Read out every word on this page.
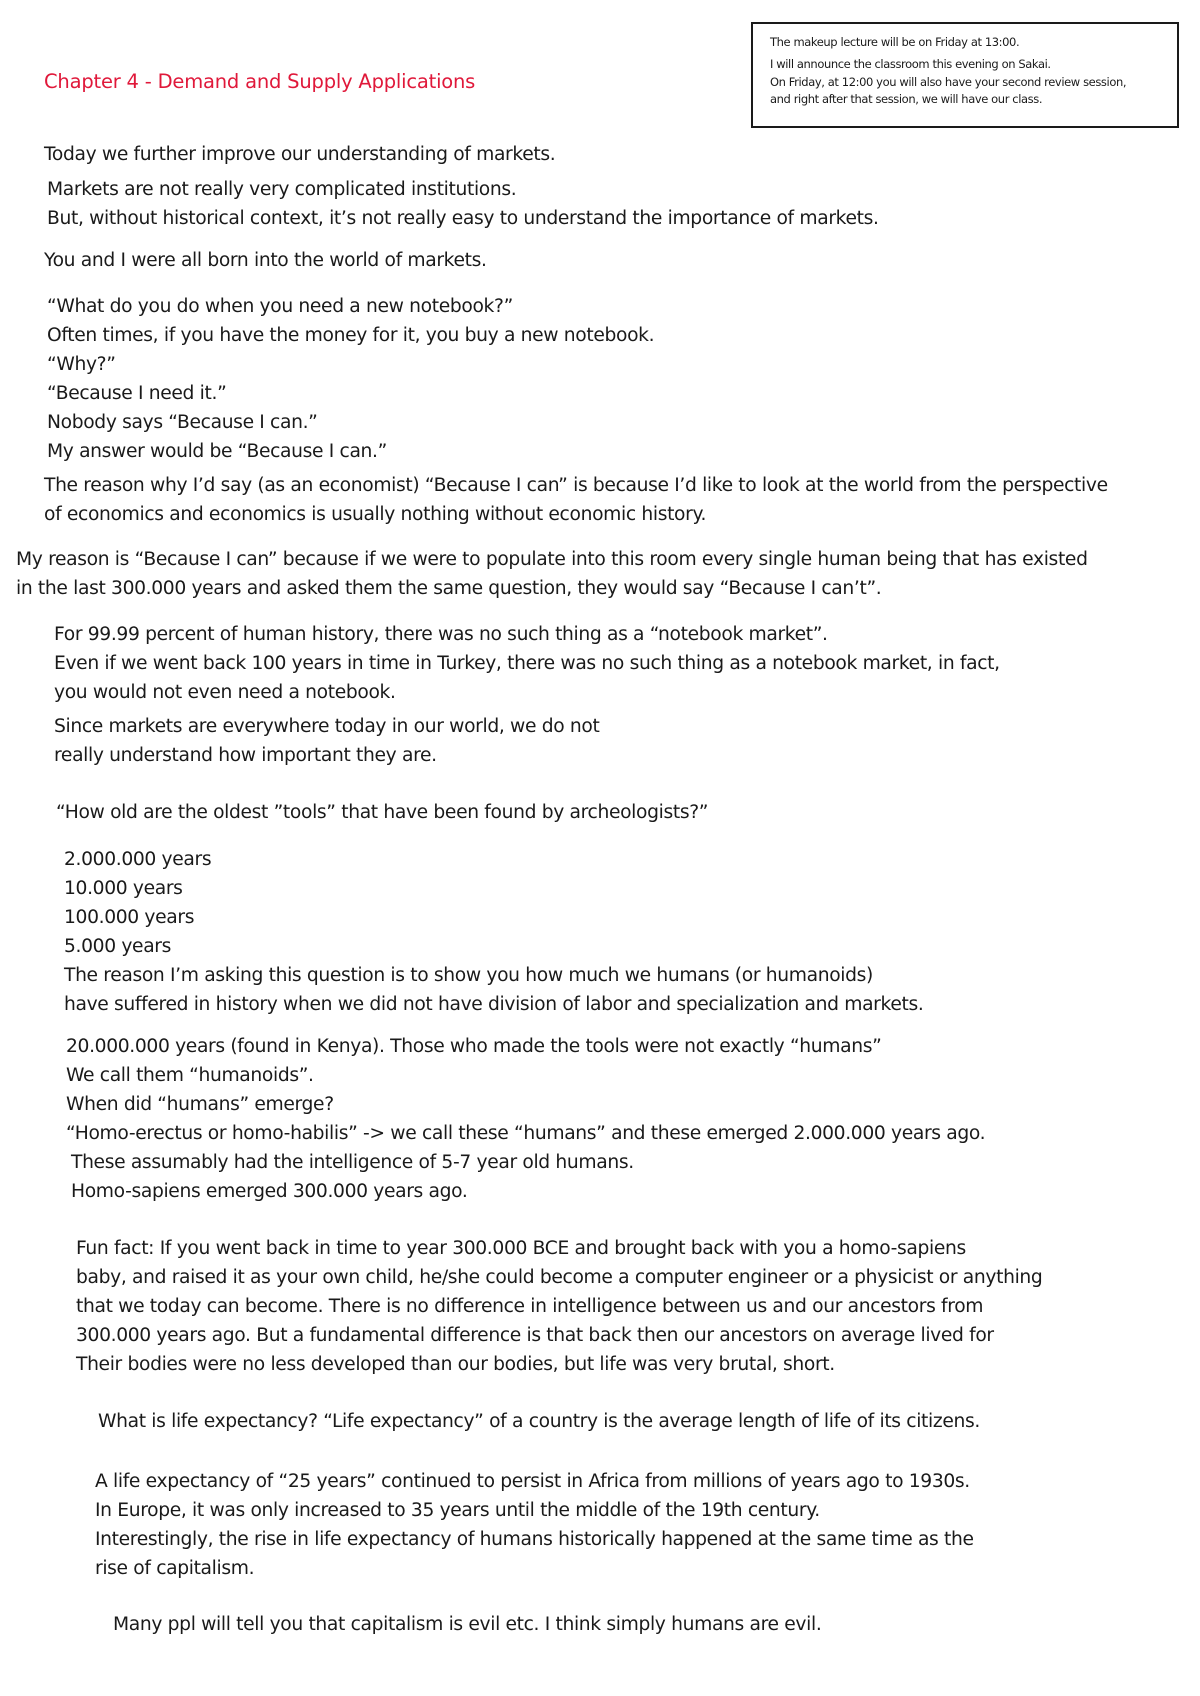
Chapter 4 - Demand and Supply Applications
The makeup lecture will be on Friday at 13:00.
I will announce the classroom this evening on Sakai.
On Friday, at 12:00 you will also have your second review session,
and right after that session, we will have our class.
Today we further improve our understanding of markets.
Markets are not really very complicated institutions.
But, without historical context, it’s not really easy to understand the importance of markets.
You and I were all born into the world of markets.
“What do you do when you need a new notebook?”
Often times, if you have the money for it, you buy a new notebook.
“Why?”
“Because I need it.”
Nobody says “Because I can.”
My answer would be “Because I can.”
The reason why I’d say (as an economist) “Because I can” is because I’d like to look at the world from the perspective
of economics and economics is usually nothing without economic history.
My reason is “Because I can” because if we were to populate into this room every single human being that has existed
in the last 300.000 years and asked them the same question, they would say “Because I can’t”.
For 99.99 percent of human history, there was no such thing as a “notebook market”.
Even if we went back 100 years in time in Turkey, there was no such thing as a notebook market, in fact,
you would not even need a notebook.
Since markets are everywhere today in our world, we do not
really understand how important they are.
“How old are the oldest ”tools” that have been found by archeologists?”
2.000.000 years
10.000 years
100.000 years
5.000 years
The reason I’m asking this question is to show you how much we humans (or humanoids)
have suffered in history when we did not have division of labor and specialization and markets.
20.000.000 years (found in Kenya). Those who made the tools were not exactly “humans”
We call them “humanoids”.
When did “humans” emerge?
“Homo-erectus or homo-habilis” -> we call these “humans” and these emerged 2.000.000 years ago.
These assumably had the intelligence of 5-7 year old humans.
Homo-sapiens emerged 300.000 years ago.
Fun fact: If you went back in time to year 300.000 BCE and brought back with you a homo-sapiens
baby, and raised it as your own child, he/she could become a computer engineer or a physicist or anything
that we today can become. There is no difference in intelligence between us and our ancestors from
300.000 years ago. But a fundamental difference is that back then our ancestors on average lived for
Their bodies were no less developed than our bodies, but life was very brutal, short.
What is life expectancy? “Life expectancy” of a country is the average length of life of its citizens.
A life expectancy of “25 years” continued to persist in Africa from millions of years ago to 1930s.
In Europe, it was only increased to 35 years until the middle of the 19th century.
Interestingly, the rise in life expectancy of humans historically happened at the same time as the
rise of capitalism.
Many ppl will tell you that capitalism is evil etc. I think simply humans are evil.
